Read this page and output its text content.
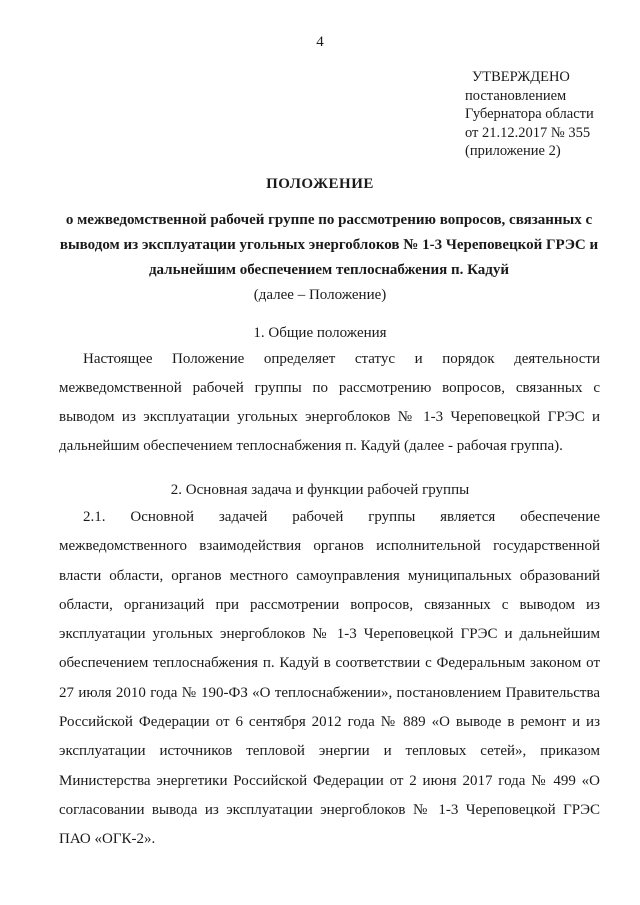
4
УТВЕРЖДЕНО
постановлением
Губернатора области
от 21.12.2017 № 355
(приложение 2)
ПОЛОЖЕНИЕ
о межведомственной рабочей группе по рассмотрению вопросов, связанных с
выводом из эксплуатации угольных энергоблоков № 1-3 Череповецкой ГРЭС и
дальнейшим обеспечением теплоснабжения п. Кадуй
(далее – Положение)
1. Общие положения
Настоящее Положение определяет статус и порядок деятельности
межведомственной рабочей группы по рассмотрению вопросов, связанных с
выводом из эксплуатации угольных энергоблоков № 1-3 Череповецкой ГРЭС и
дальнейшим обеспечением теплоснабжения п. Кадуй (далее - рабочая группа).
2. Основная задача и функции рабочей группы
2.1. Основной задачей рабочей группы является обеспечение
межведомственного взаимодействия органов исполнительной государственной
власти области, органов местного самоуправления муниципальных образований
области, организаций при рассмотрении вопросов, связанных с выводом из
эксплуатации угольных энергоблоков № 1-3 Череповецкой ГРЭС и дальнейшим
обеспечением теплоснабжения п. Кадуй в соответствии с Федеральным законом от
27 июля 2010 года № 190-ФЗ «О теплоснабжении», постановлением Правительства
Российской Федерации от 6 сентября 2012 года № 889 «О выводе в ремонт и из
эксплуатации источников тепловой энергии и тепловых сетей», приказом
Министерства энергетики Российской Федерации от 2 июня 2017 года № 499 «О
согласовании вывода из эксплуатации энергоблоков № 1-3 Череповецкой ГРЭС
ПАО «ОГК-2».
